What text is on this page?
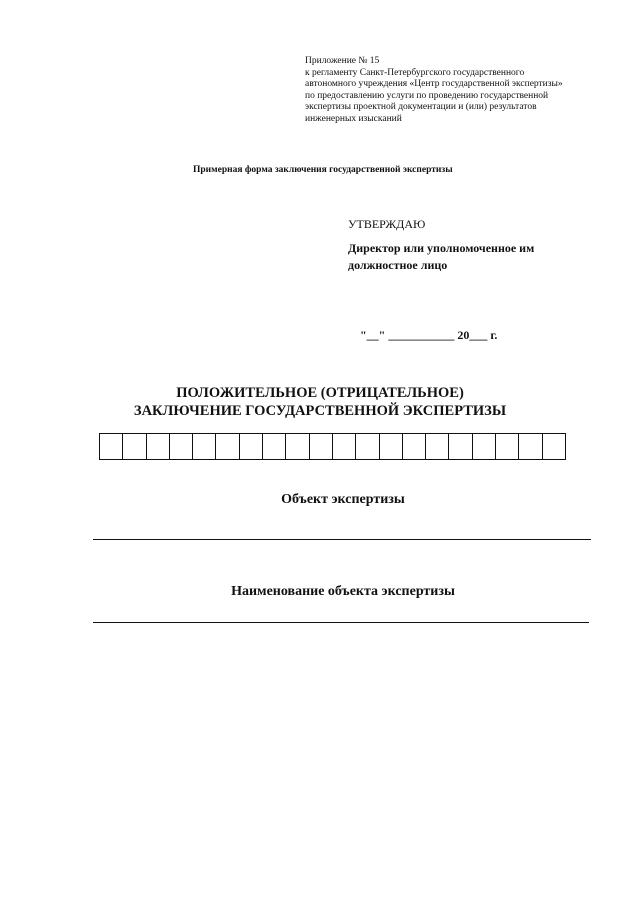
Приложение № 15
к регламенту Санкт-Петербургского государственного
автономного учреждения «Центр государственной экспертизы»
по предоставлению услуги по проведению государственной
экспертизы проектной документации и (или) результатов
инженерных изысканий
Примерная форма заключения государственной экспертизы
УТВЕРЖДАЮ
Директор или уполномоченное им
должностное лицо
"__" ___________ 20___ г.
ПОЛОЖИТЕЛЬНОЕ (ОТРИЦАТЕЛЬНОЕ)
ЗАКЛЮЧЕНИЕ ГОСУДАРСТВЕННОЙ ЭКСПЕРТИЗЫ
Объект экспертизы
Наименование объекта экспертизы
